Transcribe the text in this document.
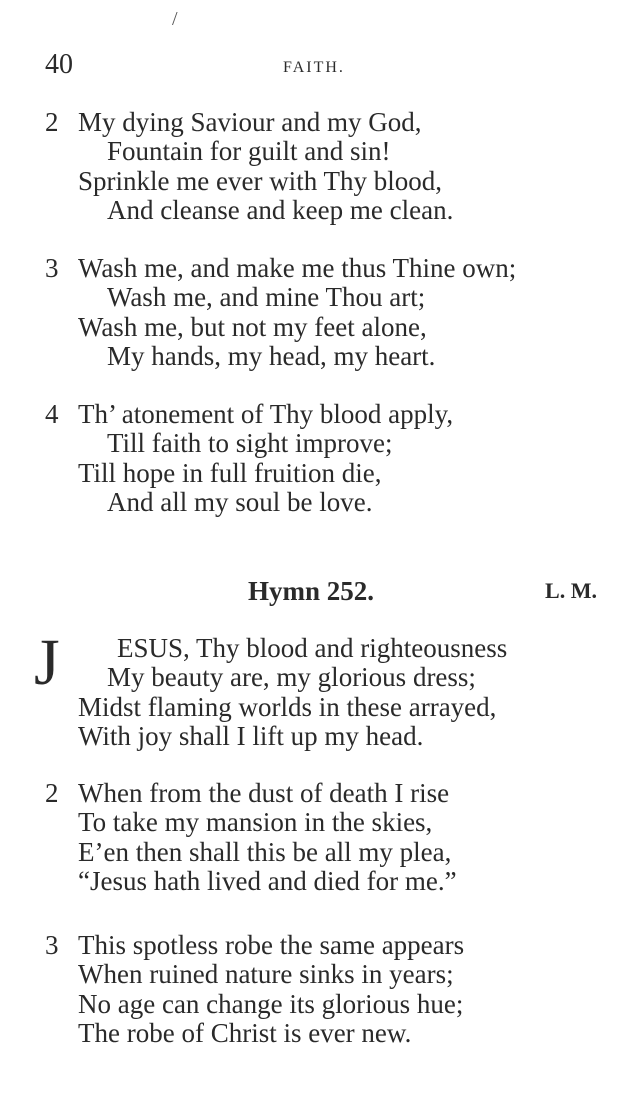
/
40	FAITH.
2 My dying Saviour and my God,
Fountain for guilt and sin!
Sprinkle me ever with Thy blood,
And cleanse and keep me clean.
3 Wash me, and make me thus Thine own;
Wash me, and mine Thou art;
Wash me, but not my feet alone,
My hands, my head, my heart.
4 Th’ atonement of Thy blood apply,
Till faith to sight improve;
Till hope in full fruition die,
And all my soul be love.
Hymn 252.	L. M.
J	ESUS, Thy blood and righteousness
My beauty are, my glorious dress;
Midst flaming worlds in these arrayed,
With joy shall I lift up my head.
2 When from the dust of death I rise
To take my mansion in the skies,
E’en then shall this be all my plea,
“Jesus hath lived and died for me.”
3 This spotless robe the same appears
When ruined nature sinks in years;
No age can change its glorious hue;
The robe of Christ is ever new.
